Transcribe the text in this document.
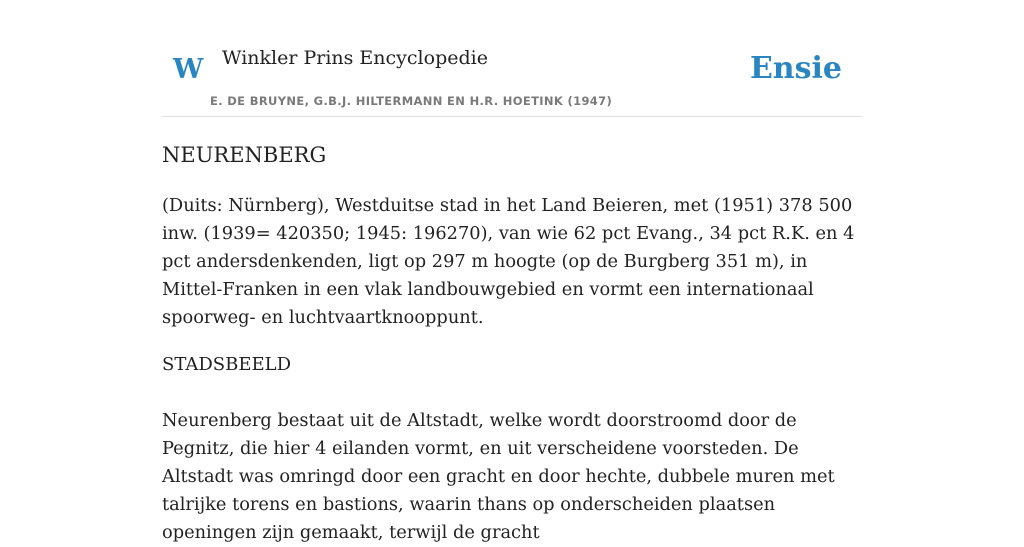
W Winkler Prins Encyclopedie
E. DE BRUYNE, G.B.J. HILTERMANN EN H.R. HOETINK (1947)
Ensie
NEURENBERG

(Duits: Nürnberg), Westduitse stad in het Land Beieren, met (1951) 378 500 inw. (1939= 420350; 1945: 196270), van wie 62 pct Evang., 34 pct R.K. en 4 pct andersdenkenden, ligt op 297 m hoogte (op de Burgberg 351 m), in Mittel-Franken in een vlak landbouwgebied en vormt een internationaal spoorweg- en luchtvaartknooppunt.

STADSBEELD

Neurenberg bestaat uit de Altstadt, welke wordt doorstroomd door de Pegnitz, die hier 4 eilanden vormt, en uit verscheidene voorsteden. De Altstadt was omringd door een gracht en door hechte, dubbele muren met talrijke torens en bastions, waarin thans op onderscheiden plaatsen openingen zijn gemaakt, terwijl de gracht
